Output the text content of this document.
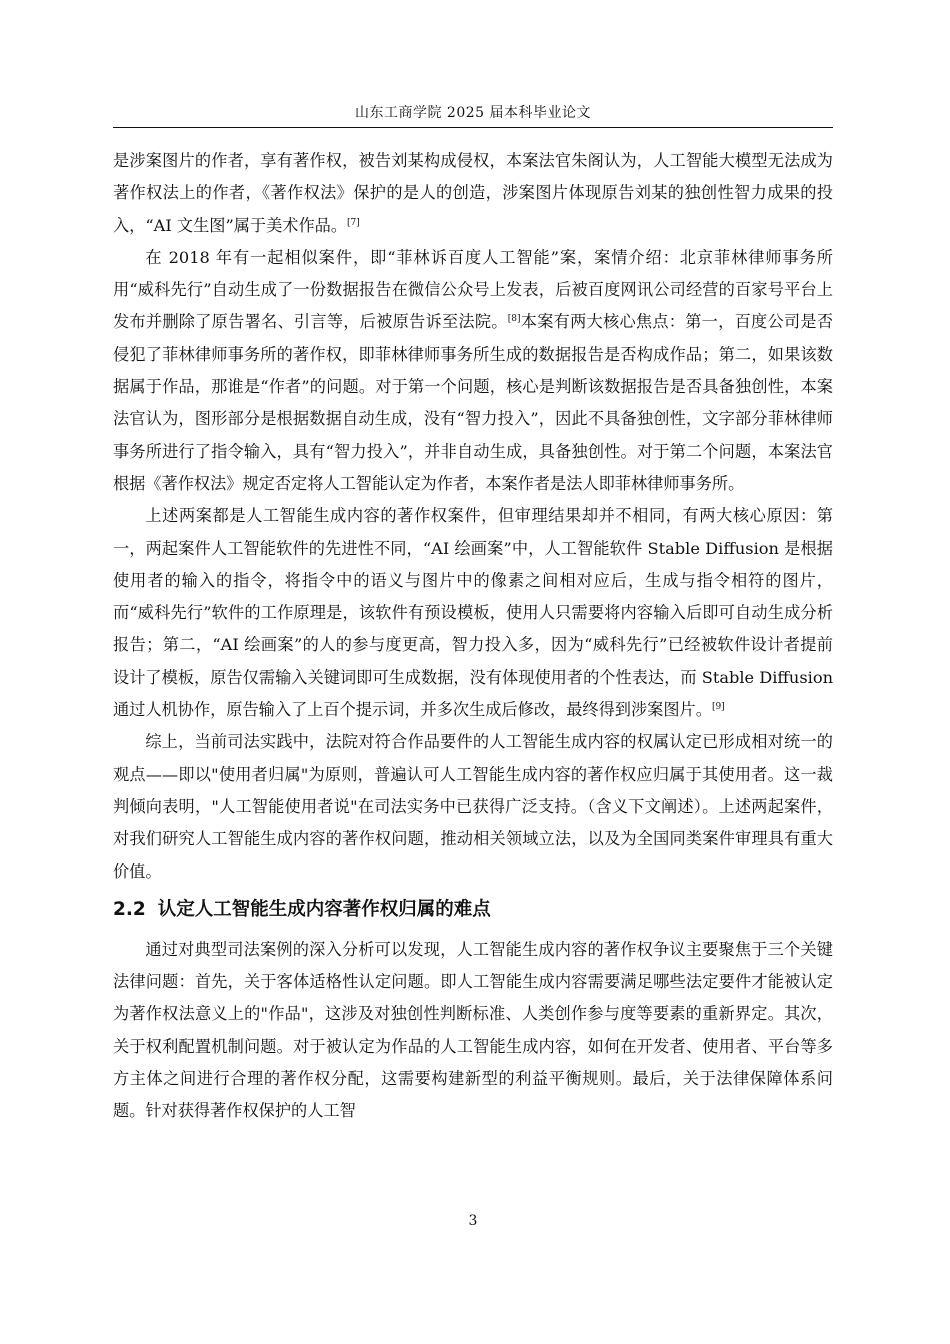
山东工商学院 2025 届本科毕业论文

是涉案图片的作者，享有著作权，被告刘某构成侵权，本案法官朱阁认为，人工智能大模型无法成为著作权法上的作者，《著作权法》保护的是人的创造，涉案图片体现原告刘某的独创性智力成果的投入，“AI 文生图”属于美术作品。[7]

在 2018 年有一起相似案件，即“菲林诉百度人工智能”案，案情介绍：北京菲林律师事务所用“威科先行”自动生成了一份数据报告在微信公众号上发表，后被百度网讯公司经营的百家号平台上发布并删除了原告署名、引言等，后被原告诉至法院。[8]本案有两大核心焦点：第一，百度公司是否侵犯了菲林律师事务所的著作权，即菲林律师事务所生成的数据报告是否构成作品；第二，如果该数据属于作品，那谁是“作者”的问题。对于第一个问题，核心是判断该数据报告是否具备独创性，本案法官认为，图形部分是根据数据自动生成，没有“智力投入”，因此不具备独创性，文字部分菲林律师事务所进行了指令输入，具有“智力投入”，并非自动生成，具备独创性。对于第二个问题，本案法官根据《著作权法》规定否定将人工智能认定为作者，本案作者是法人即菲林律师事务所。

上述两案都是人工智能生成内容的著作权案件，但审理结果却并不相同，有两大核心原因：第一，两起案件人工智能软件的先进性不同，“AI 绘画案”中，人工智能软件 Stable Diffusion 是根据使用者的输入的指令，将指令中的语义与图片中的像素之间相对应后，生成与指令相符的图片，而“威科先行”软件的工作原理是，该软件有预设模板，使用人只需要将内容输入后即可自动生成分析报告；第二，“AI 绘画案”的人的参与度更高，智力投入多，因为“威科先行”已经被软件设计者提前设计了模板，原告仅需输入关键词即可生成数据，没有体现使用者的个性表达，而 Stable Diffusion 通过人机协作，原告输入了上百个提示词，并多次生成后修改，最终得到涉案图片。[9]

综上，当前司法实践中，法院对符合作品要件的人工智能生成内容的权属认定已形成相对统一的观点——即以"使用者归属"为原则，普遍认可人工智能生成内容的著作权应归属于其使用者。这一裁判倾向表明，"人工智能使用者说"在司法实务中已获得广泛支持。（含义下文阐述）。上述两起案件，对我们研究人工智能生成内容的著作权问题，推动相关领域立法，以及为全国同类案件审理具有重大价值。

2.2 认定人工智能生成内容著作权归属的难点

通过对典型司法案例的深入分析可以发现，人工智能生成内容的著作权争议主要聚焦于三个关键法律问题：首先，关于客体适格性认定问题。即人工智能生成内容需要满足哪些法定要件才能被认定为著作权法意义上的"作品"，这涉及对独创性判断标准、人类创作参与度等要素的重新界定。其次，关于权利配置机制问题。对于被认定为作品的人工智能生成内容，如何在开发者、使用者、平台等多方主体之间进行合理的著作权分配，这需要构建新型的利益平衡规则。最后，关于法律保障体系问题。针对获得著作权保护的人工智

3
